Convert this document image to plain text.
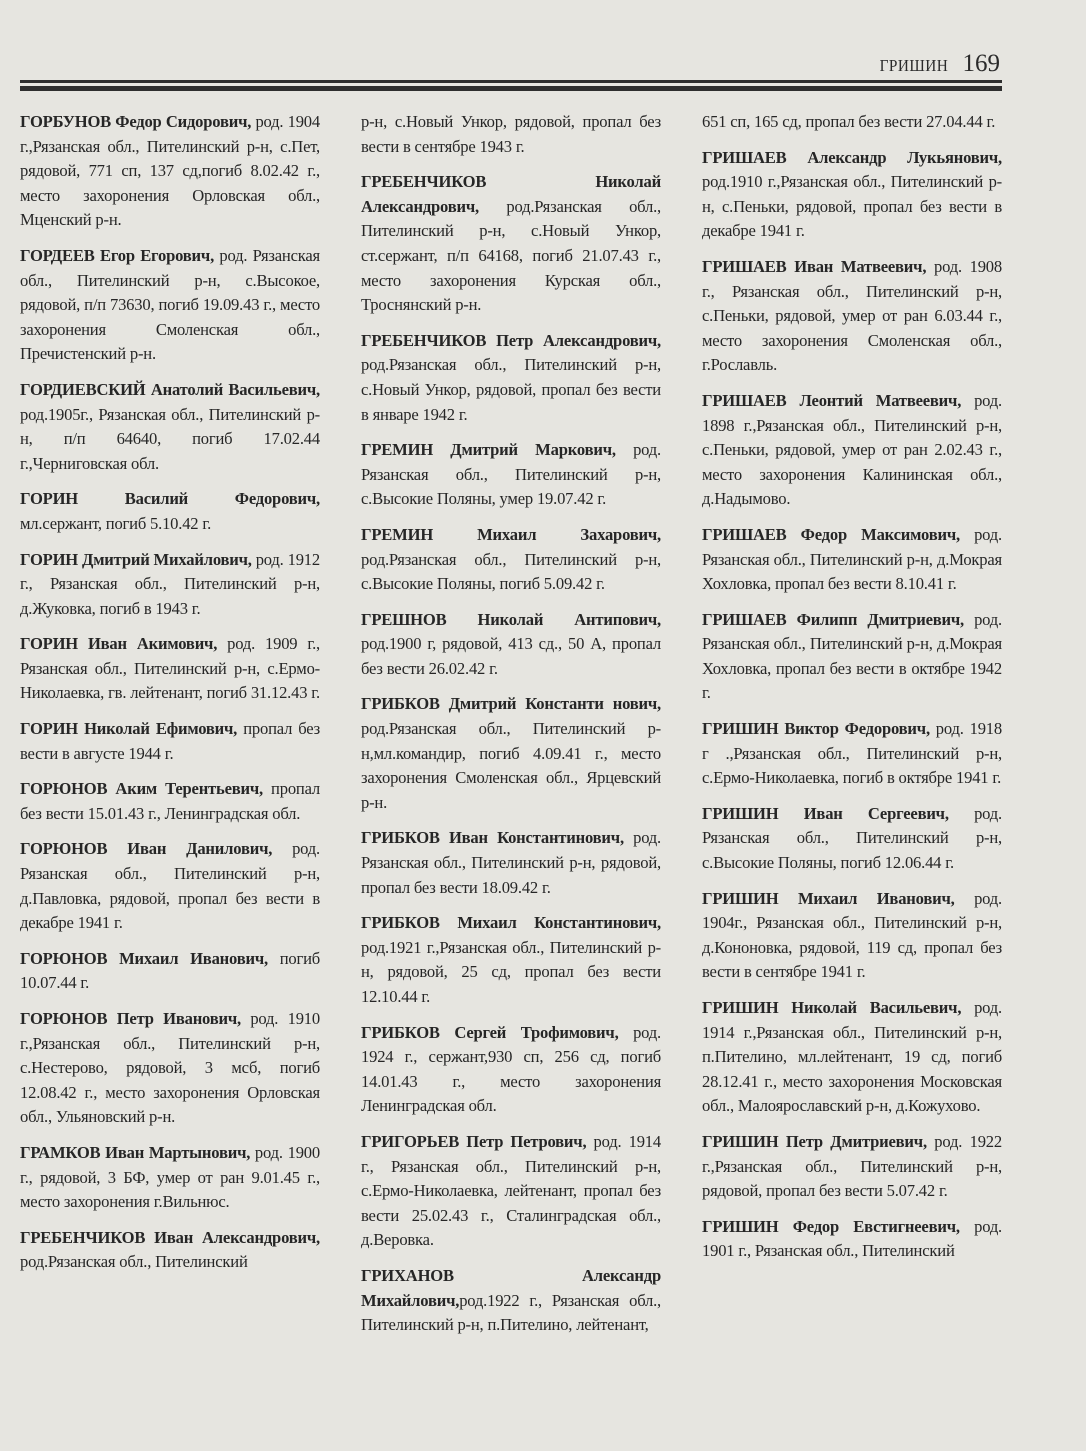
ГРИШИН 169

ГОРБУНОВ Федор Сидорович, род. 1904 г.,Рязанская обл., Пителинский р-н, с.Пет, рядовой, 771 сп, 137 сд,погиб 8.02.42 г., место захоронения Орловская обл., Мценский р-н.

ГОРДЕЕВ Егор Егорович, род. Рязанская обл., Пителинский р-н, с.Высокое, рядовой, п/п 73630, погиб 19.09.43 г., место захоронения Смоленская обл., Пречистенский р-н.

ГОРДИЕВСКИЙ Анатолий Васильевич, род.1905г., Рязанская обл., Пителинский р-н, п/п 64640, погиб 17.02.44 г.,Черниговская обл.

ГОРИН Василий Федорович, мл.сержант, погиб 5.10.42 г.

ГОРИН Дмитрий Михайлович, род. 1912 г., Рязанская обл., Пителинский р-н, д.Жуковка, погиб в 1943 г.

ГОРИН Иван Акимович, род. 1909 г., Рязанская обл., Пителинский р-н, с.Ермо-Николаевка, гв. лейтенант, погиб 31.12.43 г.

ГОРИН Николай Ефимович, пропал без вести в августе 1944 г.

ГОРЮНОВ Аким Терентьевич, пропал без вести 15.01.43 г., Ленинградская обл.

ГОРЮНОВ Иван Данилович, род. Рязанская обл., Пителинский р-н, д.Павловка, рядовой, пропал без вести в декабре 1941 г.

ГОРЮНОВ Михаил Иванович, погиб 10.07.44 г.

ГОРЮНОВ Петр Иванович, род. 1910 г.,Рязанская обл., Пителинский р-н, с.Нестерово, рядовой, 3 мсб, погиб 12.08.42 г., место захоронения Орловская обл., Ульяновский р-н.

ГРАМКОВ Иван Мартынович, род. 1900 г., рядовой, 3 БФ, умер от ран 9.01.45 г., место захоронения г.Вильнюс.

ГРЕБЕНЧИКОВ Иван Александрович, род.Рязанская обл., Пителинский

р-н, с.Новый Ункор, рядовой, пропал без вести в сентябре 1943 г.

ГРЕБЕНЧИКОВ Николай Александрович, род.Рязанская обл., Пителинский р-н, с.Новый Ункор, ст.сержант, п/п 64168, погиб 21.07.43 г., место захоронения Курская обл., Троснянский р-н.

ГРЕБЕНЧИКОВ Петр Александрович, род.Рязанская обл., Пителинский р-н, с.Новый Ункор, рядовой, пропал без вести в январе 1942 г.

ГРЕМИН Дмитрий Маркович, род. Рязанская обл., Пителинский р-н, с.Высокие Поляны, умер 19.07.42 г.

ГРЕМИН Михаил Захарович, род.Рязанская обл., Пителинский р-н, с.Высокие Поляны, погиб 5.09.42 г.

ГРЕШНОВ Николай Антипович, род.1900 г, рядовой, 413 сд., 50 А, пропал без вести 26.02.42 г.

ГРИБКОВ Дмитрий Константи нович, род.Рязанская обл., Пителинский р-н,мл.командир, погиб 4.09.41 г., место захоронения Смоленская обл., Ярцевский р-н.

ГРИБКОВ Иван Константинович, род. Рязанская обл., Пителинский р-н, рядовой, пропал без вести 18.09.42 г.

ГРИБКОВ Михаил Константинович, род.1921 г.,Рязанская обл., Пителинский р-н, рядовой, 25 сд, пропал без вести 12.10.44 г.

ГРИБКОВ Сергей Трофимович, род. 1924 г., сержант,930 сп, 256 сд, погиб 14.01.43 г., место захоронения Ленинградская обл.

ГРИГОРЬЕВ Петр Петрович, род. 1914 г., Рязанская обл., Пителинский р-н, с.Ермо-Николаевка, лейтенант, пропал без вести 25.02.43 г., Сталинградская обл., д.Веровка.

ГРИХАНОВ Александр Михайлович,род.1922 г., Рязанская обл., Пителинский р-н, п.Пителино, лейтенант,

651 сп, 165 сд, пропал без вести 27.04.44 г.

ГРИШАЕВ Александр Лукьянович, род.1910 г.,Рязанская обл., Пителинский р-н, с.Пеньки, рядовой, пропал без вести в декабре 1941 г.

ГРИШАЕВ Иван Матвеевич, род. 1908 г., Рязанская обл., Пителинский р-н, с.Пеньки, рядовой, умер от ран 6.03.44 г., место захоронения Смоленская обл., г.Рославль.

ГРИШАЕВ Леонтий Матвеевич, род. 1898 г.,Рязанская обл., Пителинский р-н, с.Пеньки, рядовой, умер от ран 2.02.43 г., место захоронения Калининская обл., д.Надымово.

ГРИШАЕВ Федор Максимович, род. Рязанская обл., Пителинский р-н, д.Мокрая Хохловка, пропал без вести 8.10.41 г.

ГРИШАЕВ Филипп Дмитриевич, род. Рязанская обл., Пителинский р-н, д.Мокрая Хохловка, пропал без вести в октябре 1942 г.

ГРИШИН Виктор Федорович, род. 1918 г .,Рязанская обл., Пителинский р-н, с.Ермо-Николаевка, погиб в октябре 1941 г.

ГРИШИН Иван Сергеевич, род. Рязанская обл., Пителинский р-н, с.Высокие Поляны, погиб 12.06.44 г.

ГРИШИН Михаил Иванович, род. 1904г., Рязанская обл., Пителинский р-н, д.Кононовка, рядовой, 119 сд, пропал без вести в сентябре 1941 г.

ГРИШИН Николай Васильевич, род. 1914 г.,Рязанская обл., Пителинский р-н, п.Пителино, мл.лейтенант, 19 сд, погиб 28.12.41 г., место захоронения Московская обл., Малоярославский р-н, д.Кожухово.

ГРИШИН Петр Дмитриевич, род. 1922 г.,Рязанская обл., Пителинский р-н, рядовой, пропал без вести 5.07.42 г.

ГРИШИН Федор Евстигнеевич, род. 1901 г., Рязанская обл., Пителинский
